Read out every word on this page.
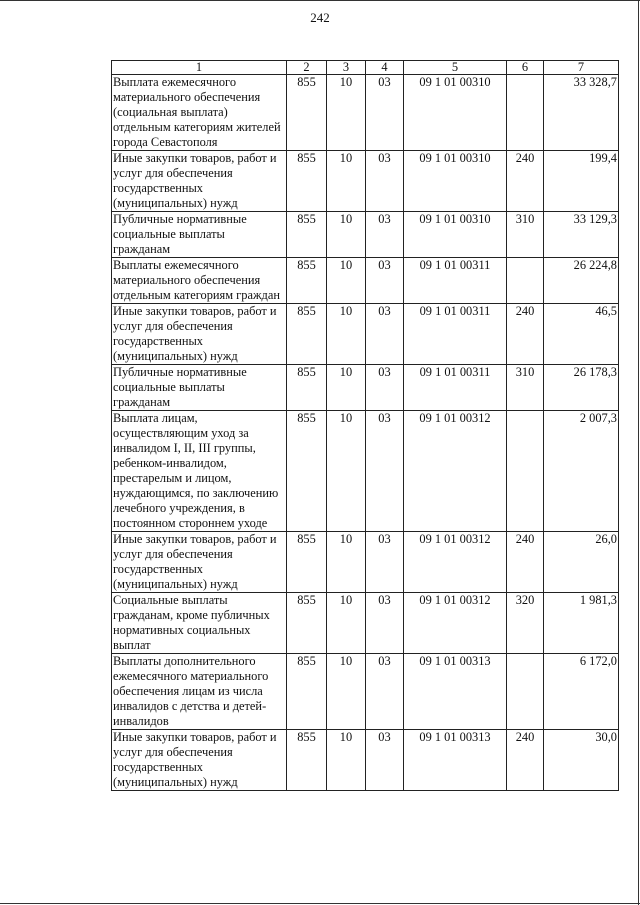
242
1	2	3	4	5	6	7
Выплата ежемесячного материального обеспечения (социальная выплата) отдельным категориям жителей города Севастополя	855	10	03	09 1 01 00310		33 328,7
Иные закупки товаров, работ и услуг для обеспечения государственных (муниципальных) нужд	855	10	03	09 1 01 00310	240	199,4
Публичные нормативные социальные выплаты гражданам	855	10	03	09 1 01 00310	310	33 129,3
Выплаты ежемесячного материального обеспечения отдельным категориям граждан	855	10	03	09 1 01 00311		26 224,8
Иные закупки товаров, работ и услуг для обеспечения государственных (муниципальных) нужд	855	10	03	09 1 01 00311	240	46,5
Публичные нормативные социальные выплаты гражданам	855	10	03	09 1 01 00311	310	26 178,3
Выплата лицам, осуществляющим уход за инвалидом I, II, III группы, ребенком-инвалидом, престарелым и лицом, нуждающимся, по заключению лечебного учреждения, в постоянном стороннем уходе	855	10	03	09 1 01 00312		2 007,3
Иные закупки товаров, работ и услуг для обеспечения государственных (муниципальных) нужд	855	10	03	09 1 01 00312	240	26,0
Социальные выплаты гражданам, кроме публичных нормативных социальных выплат	855	10	03	09 1 01 00312	320	1 981,3
Выплаты дополнительного ежемесячного материального обеспечения лицам из числа инвалидов с детства и детей-инвалидов	855	10	03	09 1 01 00313		6 172,0
Иные закупки товаров, работ и услуг для обеспечения государственных (муниципальных) нужд	855	10	03	09 1 01 00313	240	30,0
